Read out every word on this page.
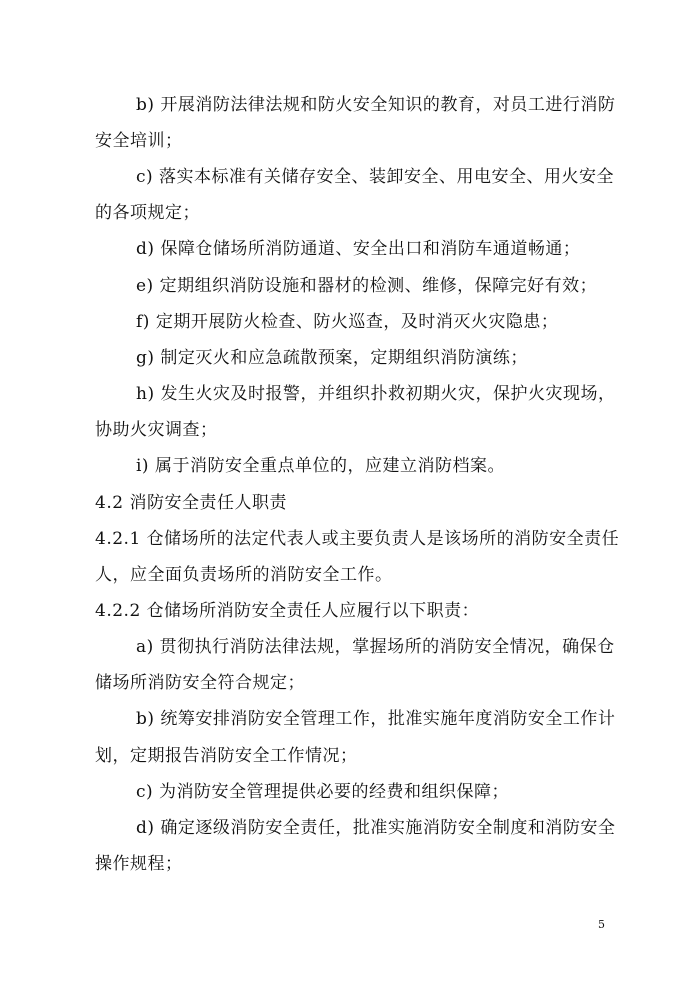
b) 开展消防法律法规和防火安全知识的教育，对员工进行消防
安全培训；
c) 落实本标准有关储存安全、装卸安全、用电安全、用火安全
的各项规定；
d) 保障仓储场所消防通道、安全出口和消防车通道畅通；
e) 定期组织消防设施和器材的检测、维修，保障完好有效；
f) 定期开展防火检查、防火巡查，及时消灭火灾隐患；
g) 制定灭火和应急疏散预案，定期组织消防演练；
h) 发生火灾及时报警，并组织扑救初期火灾，保护火灾现场，
协助火灾调查；
i) 属于消防安全重点单位的，应建立消防档案。
4.2 消防安全责任人职责
4.2.1 仓储场所的法定代表人或主要负责人是该场所的消防安全责任
人，应全面负责场所的消防安全工作。
4.2.2 仓储场所消防安全责任人应履行以下职责：
a) 贯彻执行消防法律法规，掌握场所的消防安全情况，确保仓
储场所消防安全符合规定；
b) 统筹安排消防安全管理工作，批准实施年度消防安全工作计
划，定期报告消防安全工作情况；
c) 为消防安全管理提供必要的经费和组织保障；
d) 确定逐级消防安全责任，批准实施消防安全制度和消防安全
操作规程；
5
